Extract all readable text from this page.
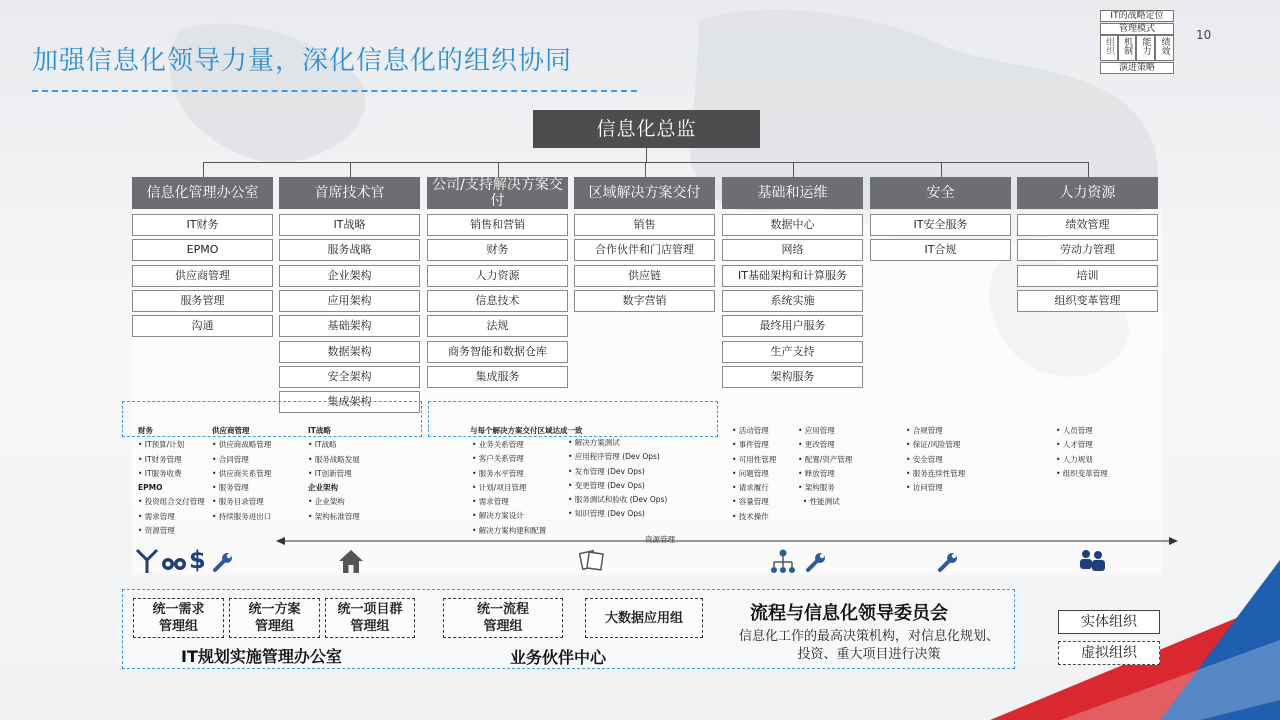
加强信息化领导力量，深化信息化的组织协同
10
IT的战略定位
管理模式
组织 机制 能力	绩效
演进策略
信息化总监
信息化管理办公室
IT财务
EPMO
供应商管理
服务管理
沟通
首席技术官
IT战略
服务战略
企业架构
应用架构
基础架构
数据架构
安全架构
集成架构
公司/支持解决方案交付
销售和营销
财务
人力资源
信息技术
法规
商务智能和数据仓库
集成服务
区域解决方案交付
销售
合作伙伴和门店管理
供应链
数字营销
基础和运维
数据中心
网络
IT基础架构和计算服务
系统实施
最终用户服务
生产支持
架构服务
安全
IT安全服务
IT合规
人力资源
绩效管理
劳动力管理
培训
组织变革管理
财务
• IT预算/计划
• IT财务管理
• IT服务收费
EPMO
• 投资组合交付管理
• 需求管理
• 资源管理
供应商管理
• 供应商战略管理
• 合同管理
• 供应商关系管理
• 服务管理
• 服务目录管理
• 持续服务进出口
IT战略
• IT战略
• 服务战略发展
• IT创新管理
企业架构
• 企业架构
• 架构标准管理
与每个解决方案交付区域达成一致
• 业务关系管理
• 客户关系管理
• 服务水平管理
• 计划/项目管理
• 需求管理
• 解决方案设计
• 解决方案构建和配置
• 解决方案测试
• 应用程序管理 (Dev Ops)
• 发布管理 (Dev Ops)
• 变更管理 (Dev Ops)
• 服务测试和验收 (Dev Ops)
• 知识管理 (Dev Ops)
资源管理
• 活动管理
• 事件管理
• 可用性管理
• 问题管理
• 请求履行
• 容量管理
• 技术操作
• 应用管理
• 更改管理
• 配置/资产管理
• 释放管理
• 架构服务
• 性能测试
• 合规管理
• 保证/风险管理
• 安全管理
• 服务连续性管理
• 访问管理
• 人员管理
• 人才管理
• 人力规划
• 组织变革管理
$
统一需求
管理组
统一方案
管理组
统一项目群
管理组
统一流程
管理组
大数据应用组
IT规划实施管理办公室	业务伙伴中心
流程与信息化领导委员会
信息化工作的最高决策机构，对信息化规划、投资、重大项目进行决策
实体组织
虚拟组织
